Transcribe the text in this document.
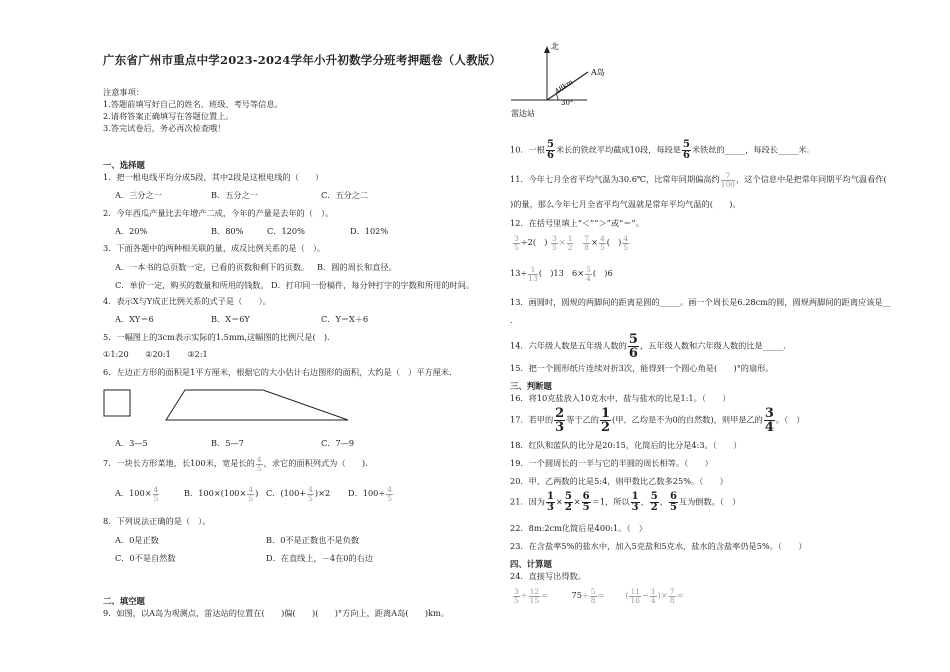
广东省广州市重点中学2023-2024学年小升初数学分班考押题卷（人教版）
注意事项：
1.答题前填写好自己的姓名、班级、考号等信息。
2.请将答案正确填写在答题位置上。
3.答完试卷后，务必再次检查哦！
一、选择题
1．把一根电线平均分成5段，其中2段是这根电线的（　　）
A．三分之一	B．五分之一	C．五分之二
2．今年西瓜产量比去年增产二成，今年的产量是去年的（　）。
A．20%	B．80%	C．120%	D．102%
3．下面各题中的两种相关联的量，成反比例关系的是（　）。
A．一本书的总页数一定，已看的页数和剩下的页数。 B．圆的周长和直径。
C．单价一定，购买的数量和所用的钱数。 D．打印同一份稿件，每分钟打字的字数和所用的时间。
4．表示X与Y成正比例关系的式子是（　　）。
A．XY＝6	B．X＝6Y	C．Y＝X＋6
5．一幅图上的3cm表示实际的1.5mm,这幅图的比例尺是(　).
①1:20　　②20:1　　③2:1
6．左边正方形的面积是1平方厘米，根据它的大小估计右边图形的面积，大约是（　）平方厘米.
A．3—5	B．5—7	C．7—9
7．一块长方形菜地，长100米，宽是长的 $\frac{4}{5}$ ，求它的面积列式为（　　).
A．$100\times \frac{4}{5}$	B．$100\times(100\times \frac{4}{5}$ ) C．$(100+ \frac{4}{5} )\times 2$ D．$100\div \frac{4}{5}$
8．下列说法正确的是（　）。
A．0是正数	B．0不是正数也不是负数
C．0不是自然数	D．在直线上，－4在0的右边
二、填空题
9．如图，以A岛为观测点，雷达站的位置在(　　)偏(　　)(　　)°方向上，距离A岛(　　)km。
北
A岛
48km
30°
雷达站
10．一根 $\frac{5}{6}$ 米长的铁丝平均截成10段，每段是 $\frac{5}{6}$ 米铁丝的_____，每段长_____米.
11．今年七月全省平均气温为30.6℃，比常年同期偏高约 $\frac{7}{100}$ ，这个信息中是把常年同期平均气温看作(
)的量，那么今年七月全省平均气温就是常年平均气温的(　　)。
12．在括号里填上“＜”“＞”或“＝”。
$\frac{3}{5} \div 2$(　) $\frac{3}{5} \times \frac{1}{2}$
$\frac{7}{8} \times \frac{4}{5}$ (　) $\frac{4}{5}$
$13\div \frac{1}{13}$ (　)13　$6\times \frac{5}{4}$ (　)6
13．画圆时，圆规的两脚间的距离是圆的_____。画一个周长是6.28cm的圆，圆规两脚间的距离应该是__
.
14．六年级人数是五年级人数的 $\frac{5}{6}$ ，五年级人数和六年级人数的比是_____.
15．把一个圆形纸片连续对折3次，能得到一个圆心角是(　　)°的扇形。
三、判断题
16．将10克盐放入10克水中，盐与盐水的比是1:1。（　　）
17．若甲的 $\frac{2}{3}$ 等于乙的 $\frac{1}{2}$ (甲、乙均是不为0的自然数)，则甲是乙的 $\frac{3}{4}$ 。（　）
18．红队和蓝队的比分是20:15，化简后的比分是4:3。（　　）
19．一个圆周长的一半与它的半圆的周长相等。（　　）
20．甲、乙两数的比是5:4，则甲数比乙数多25%。（　　）
21．因为 $\frac{1}{3} \times \frac{5}{2} \times \frac{6}{5} =1$，所以 $\frac{1}{3}$ ， $\frac{5}{2}$ ， $\frac{6}{5}$ 互为倒数。（　）
22．8m:2cm化简后是400:1。（　）
23．在含盐率5%的盐水中，加入5克盐和5克水，盐水的含盐率仍是5%。（　　）
四、计算题
24．直接写出得数。
$\frac{3}{5} \div \frac{12}{15}$ =         $75\div \frac{5}{8}$ =        ( $\frac{11}{16} - \frac{1}{4}$ )× $\frac{7}{8}$ =
